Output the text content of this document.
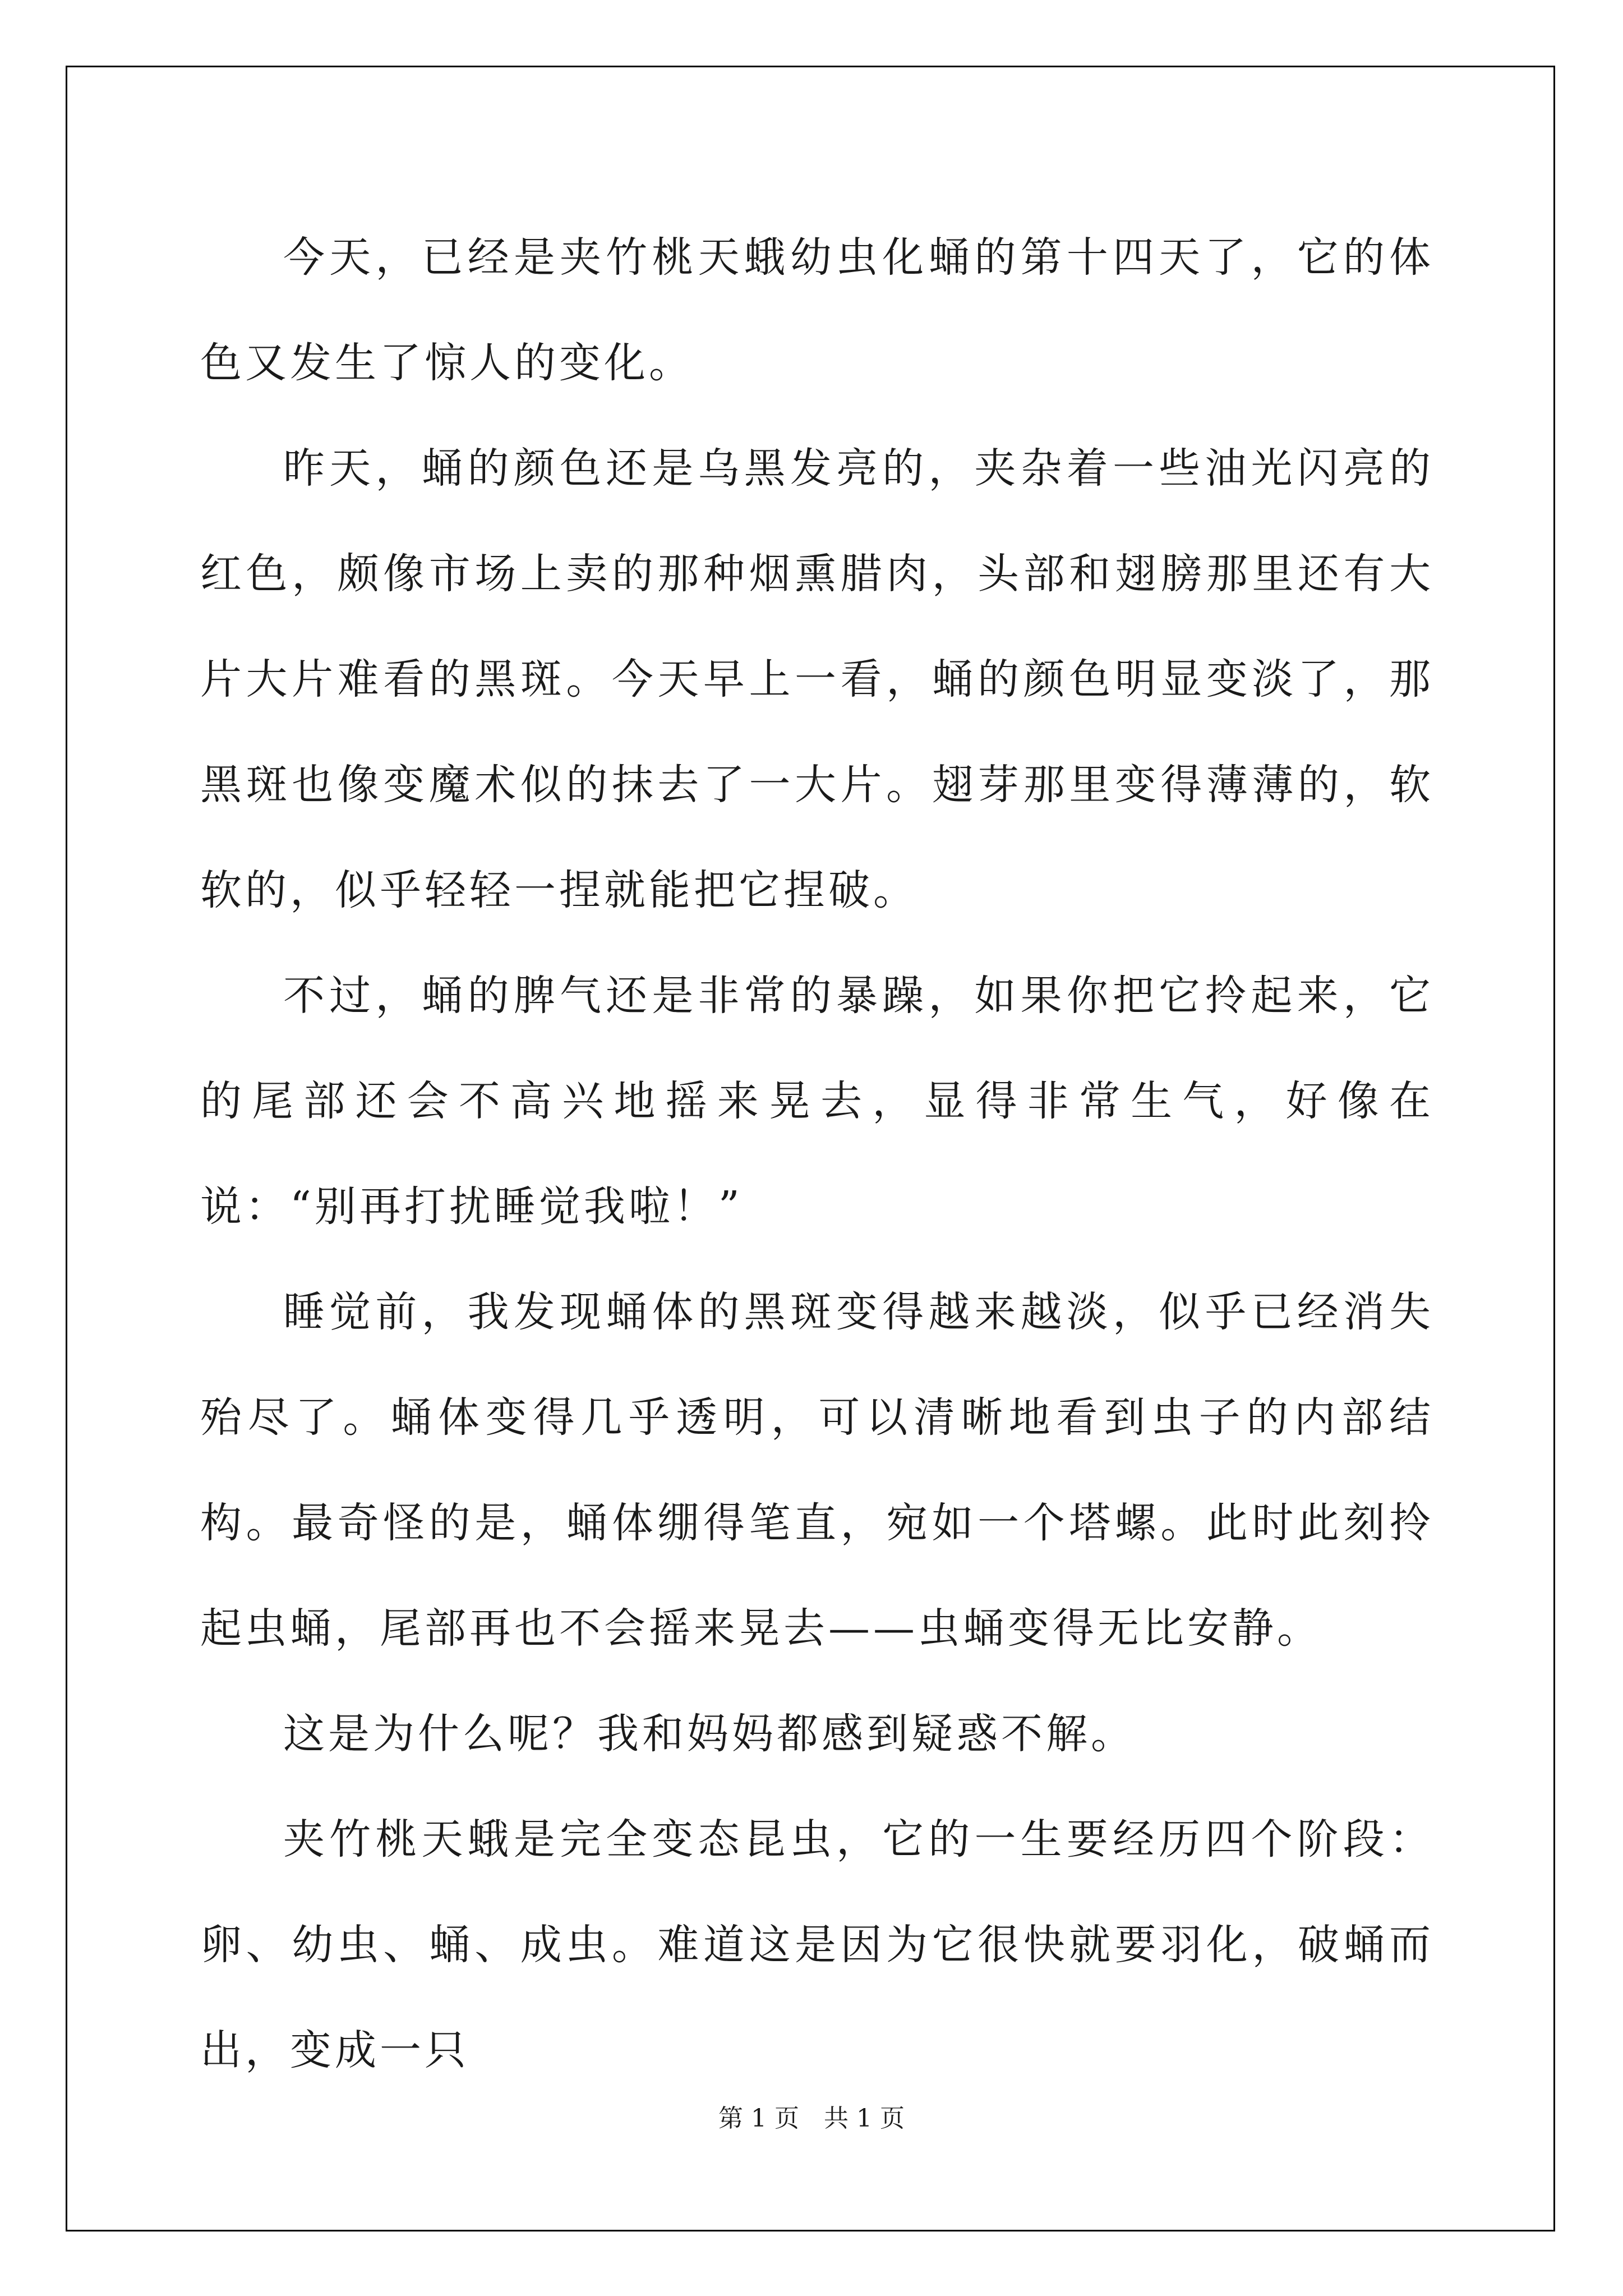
今天，已经是夹竹桃天蛾幼虫化蛹的第十四天了，它的体色又发生了惊人的变化。

昨天，蛹的颜色还是乌黑发亮的，夹杂着一些油光闪亮的红色，颇像市场上卖的那种烟熏腊肉，头部和翅膀那里还有大片大片难看的黑斑。今天早上一看，蛹的颜色明显变淡了，那黑斑也像变魔术似的抹去了一大片。翅芽那里变得薄薄的，软软的，似乎轻轻一捏就能把它捏破。

不过，蛹的脾气还是非常的暴躁，如果你把它拎起来，它的尾部还会不高兴地摇来晃去，显得非常生气，好像在说：“别再打扰睡觉我啦！”

睡觉前，我发现蛹体的黑斑变得越来越淡，似乎已经消失殆尽了。蛹体变得几乎透明，可以清晰地看到虫子的内部结构。最奇怪的是，蛹体绷得笔直，宛如一个塔螺。此时此刻拎起虫蛹，尾部再也不会摇来晃去——虫蛹变得无比安静。

这是为什么呢？我和妈妈都感到疑惑不解。

夹竹桃天蛾是完全变态昆虫，它的一生要经历四个阶段：卵、幼虫、蛹、成虫。难道这是因为它很快就要羽化，破蛹而出，变成一只

第 1 页　共 1 页
